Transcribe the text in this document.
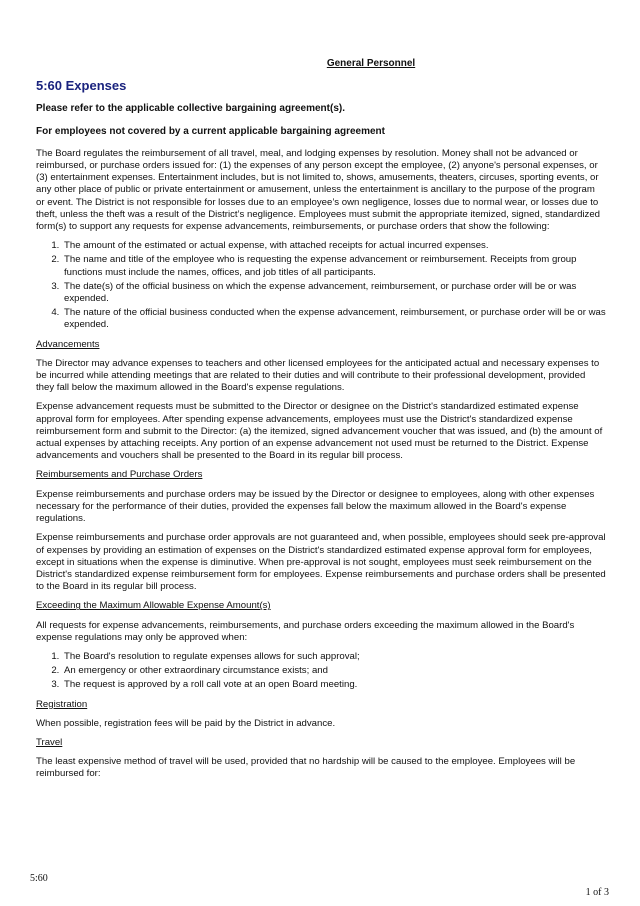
General Personnel
5:60 Expenses
Please refer to the applicable collective bargaining agreement(s).
For employees not covered by a current applicable bargaining agreement

The Board regulates the reimbursement of all travel, meal, and lodging expenses by resolution. Money shall not be advanced or reimbursed, or purchase orders issued for: (1) the expenses of any person except the employee, (2) anyone's personal expenses, or (3) entertainment expenses. Entertainment includes, but is not limited to, shows, amusements, theaters, circuses, sporting events, or any other place of public or private entertainment or amusement, unless the entertainment is ancillary to the purpose of the program or event. The District is not responsible for losses due to an employee’s own negligence, losses due to normal wear, or losses due to theft, unless the theft was a result of the District’s negligence. Employees must submit the appropriate itemized, signed, standardized form(s) to support any requests for expense advancements, reimbursements, or purchase orders that show the following:

1. The amount of the estimated or actual expense, with attached receipts for actual incurred expenses.
2. The name and title of the employee who is requesting the expense advancement or reimbursement. Receipts from group functions must include the names, offices, and job titles of all participants.
3. The date(s) of the official business on which the expense advancement, reimbursement, or purchase order will be or was expended.
4. The nature of the official business conducted when the expense advancement, reimbursement, or purchase order will be or was expended.
Advancements

The Director may advance expenses to teachers and other licensed employees for the anticipated actual and necessary expenses to be incurred while attending meetings that are related to their duties and will contribute to their professional development, provided they fall below the maximum allowed in the Board's expense regulations.

Expense advancement requests must be submitted to the Director or designee on the District's standardized estimated expense approval form for employees. After spending expense advancements, employees must use the District's standardized expense reimbursement form and submit to the Director: (a) the itemized, signed advancement voucher that was issued, and (b) the amount of actual expenses by attaching receipts. Any portion of an expense advancement not used must be returned to the District. Expense advancements and vouchers shall be presented to the Board in its regular bill process.

Reimbursements and Purchase Orders

Expense reimbursements and purchase orders may be issued by the Director or designee to employees, along with other expenses necessary for the performance of their duties, provided the expenses fall below the maximum allowed in the Board's expense regulations.

Expense reimbursements and purchase order approvals are not guaranteed and, when possible, employees should seek pre-approval of expenses by providing an estimation of expenses on the District's standardized estimated expense approval form for employees, except in situations when the expense is diminutive. When pre-approval is not sought, employees must seek reimbursement on the District's standardized expense reimbursement form for employees. Expense reimbursements and purchase orders shall be presented to the Board in its regular bill process.

Exceeding the Maximum Allowable Expense Amount(s)

All requests for expense advancements, reimbursements, and purchase orders exceeding the maximum allowed in the Board's expense regulations may only be approved when:

1. The Board's resolution to regulate expenses allows for such approval;
2. An emergency or other extraordinary circumstance exists; and
3. The request is approved by a roll call vote at an open Board meeting.
Registration

When possible, registration fees will be paid by the District in advance.

Travel

The least expensive method of travel will be used, provided that no hardship will be caused to the employee. Employees will be reimbursed for:

5:60
1 of 3
